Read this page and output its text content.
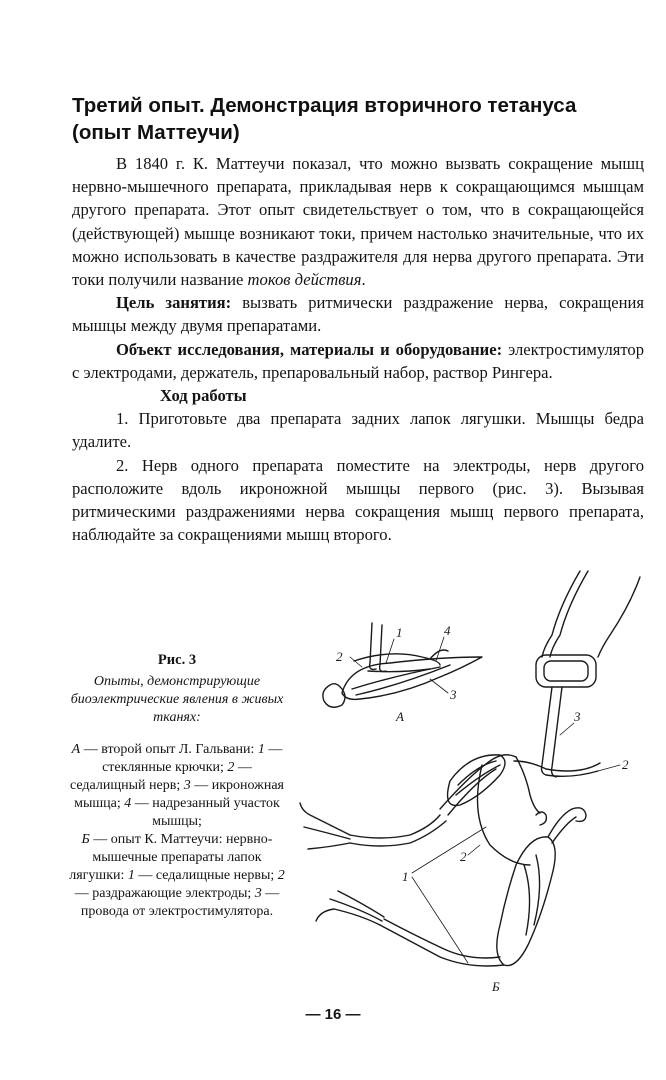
Третий опыт. Демонстрация вторичного тетануса (опыт Маттеучи)

В 1840 г. К. Маттеучи показал, что можно вызвать сокращение мышц нервно-мышечного препарата, прикладывая нерв к сокращающимся мышцам другого препарата. Этот опыт свидетельствует о том, что в сокращающейся (действующей) мышце возникают токи, причем настолько значительные, что их можно использовать в качестве раздражителя для нерва другого препарата. Эти токи получили название токов действия.

Цель занятия: вызвать ритмически раздражение нерва, сокращения мышцы между двумя препаратами.

Объект исследования, материалы и оборудование: электростимулятор с электродами, держатель, препаровальный набор, раствор Рингера.

Ход работы

1. Приготовьте два препарата задних лапок лягушки. Мышцы бедра удалите.

2. Нерв одного препарата поместите на электроды, нерв другого расположите вдоль икроножной мышцы первого (рис. 3). Вызывая ритмическими раздражениями нерва сокращения мышц первого препарата, наблюдайте за сокращениями мышц второго.

Рис. 3
Опыты, демонстрирующие биоэлектрические явления в живых тканях:
А — второй опыт Л. Гальвани: 1 — стеклянные крючки; 2 — седалищный нерв; 3 — икроножная мышца; 4 — надрезанный участок мышцы;
Б — опыт К. Маттеучи: нервно-мышечные препараты лапок лягушки: 1 — седалищные нервы; 2— раздражающие электроды; 3 — провода от электростимулятора.
1
2
3
4
А	3
2
2
1
Б
— 16 —
